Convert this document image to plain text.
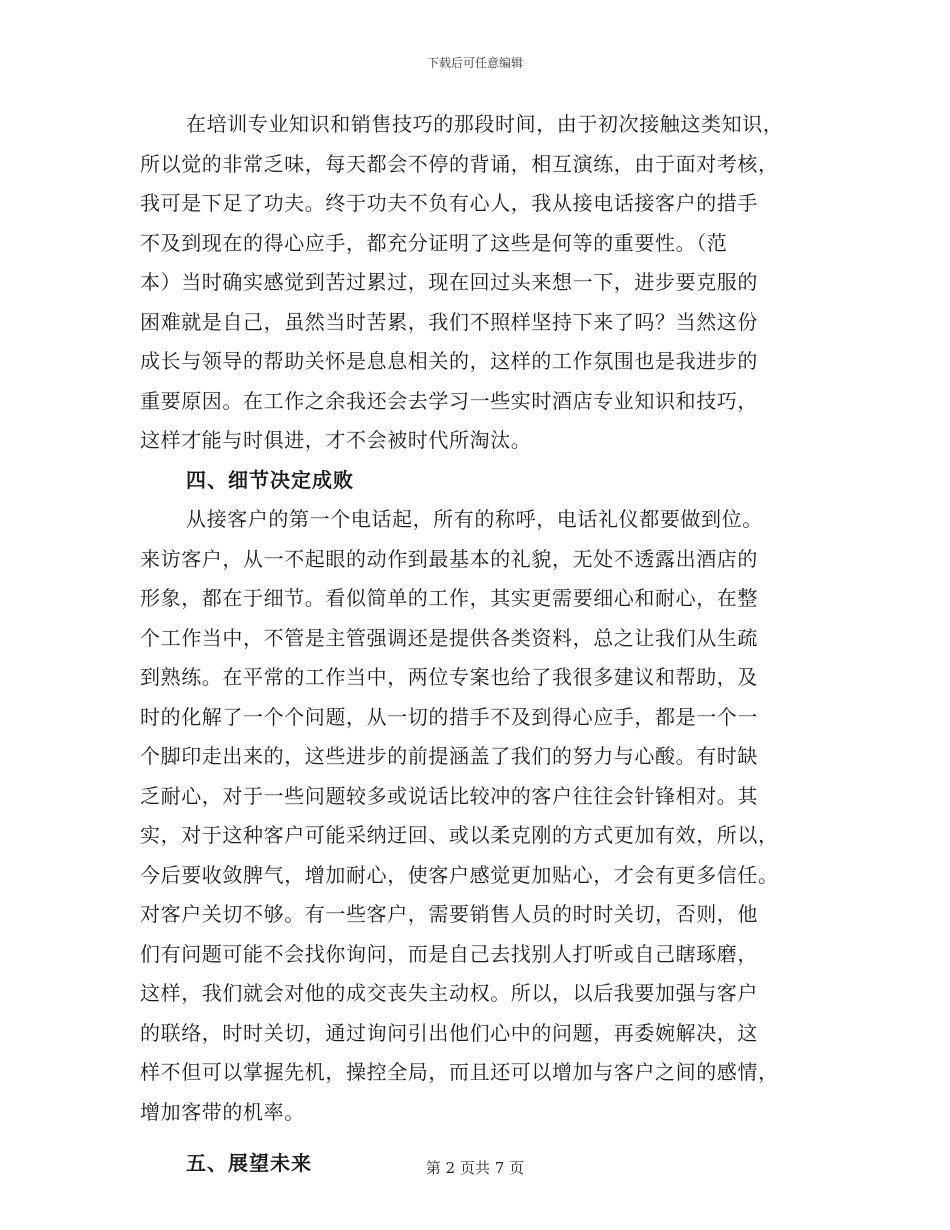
下载后可任意编辑
在培训专业知识和销售技巧的那段时间，由于初次接触这类知识，
所以觉的非常乏味，每天都会不停的背诵，相互演练，由于面对考核，
我可是下足了功夫。终于功夫不负有心人，我从接电话接客户的措手
不及到现在的得心应手，都充分证明了这些是何等的重要性。（范
本）当时确实感觉到苦过累过，现在回过头来想一下，进步要克服的
困难就是自己，虽然当时苦累，我们不照样坚持下来了吗？当然这份
成长与领导的帮助关怀是息息相关的，这样的工作氛围也是我进步的
重要原因。在工作之余我还会去学习一些实时酒店专业知识和技巧，
这样才能与时俱进，才不会被时代所淘汰。
四、细节决定成败
从接客户的第一个电话起，所有的称呼，电话礼仪都要做到位。
来访客户，从一不起眼的动作到最基本的礼貌，无处不透露出酒店的
形象，都在于细节。看似简单的工作，其实更需要细心和耐心，在整
个工作当中，不管是主管强调还是提供各类资料，总之让我们从生疏
到熟练。在平常的工作当中，两位专案也给了我很多建议和帮助，及
时的化解了一个个问题，从一切的措手不及到得心应手，都是一个一
个脚印走出来的，这些进步的前提涵盖了我们的努力与心酸。有时缺
乏耐心，对于一些问题较多或说话比较冲的客户往往会针锋相对。其
实，对于这种客户可能采纳迂回、或以柔克刚的方式更加有效，所以，
今后要收敛脾气，增加耐心，使客户感觉更加贴心，才会有更多信任。
对客户关切不够。有一些客户，需要销售人员的时时关切，否则，他
们有问题可能不会找你询问，而是自己去找别人打听或自己瞎琢磨，
这样，我们就会对他的成交丧失主动权。所以，以后我要加强与客户
的联络，时时关切，通过询问引出他们心中的问题，再委婉解决，这
样不但可以掌握先机，操控全局，而且还可以增加与客户之间的感情，
增加客带的机率。
五、展望未来	第 2 页共 7 页
